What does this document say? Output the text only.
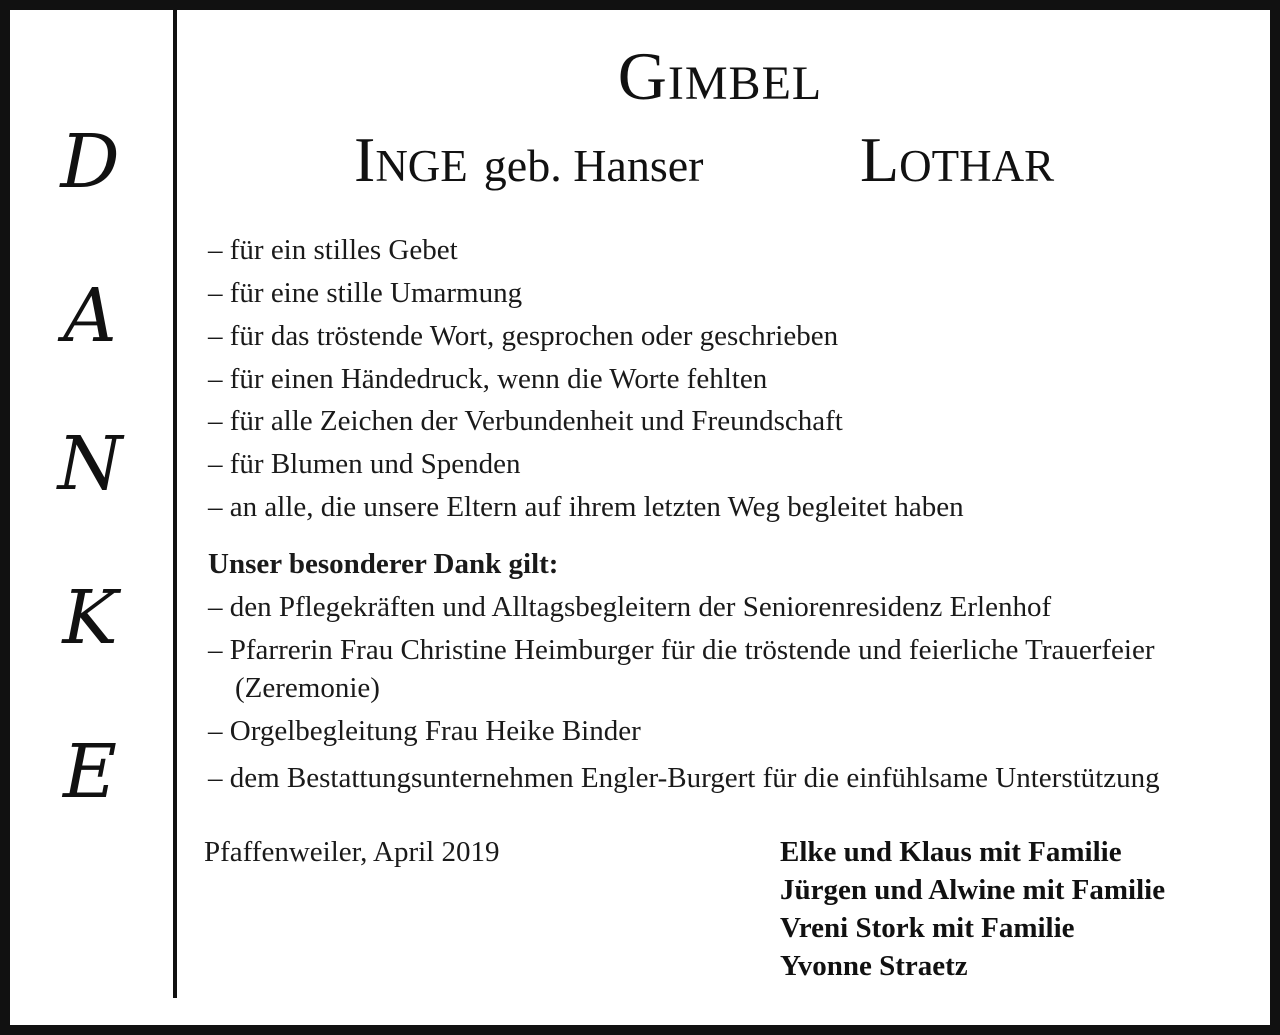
D
A
N
K
E
Gimbel
Inge geb. Hanser Lothar
– für ein stilles Gebet
– für eine stille Umarmung
– für das tröstende Wort, gesprochen oder geschrieben
– für einen Händedruck, wenn die Worte fehlten
– für alle Zeichen der Verbundenheit und Freundschaft
– für Blumen und Spenden
– an alle, die unsere Eltern auf ihrem letzten Weg begleitet haben
Unser besonderer Dank gilt:
– den Pflegekräften und Alltagsbegleitern der Seniorenresidenz Erlenhof
– Pfarrerin Frau Christine Heimburger für die tröstende und feierliche Trauerfeier
(Zeremonie)
– Orgelbegleitung Frau Heike Binder
– dem Bestattungsunternehmen Engler-Burgert für die einfühlsame Unterstützung
Pfaffenweiler, April 2019	Elke und Klaus mit Familie
Jürgen und Alwine mit Familie
Vreni Stork mit Familie
Yvonne Straetz
